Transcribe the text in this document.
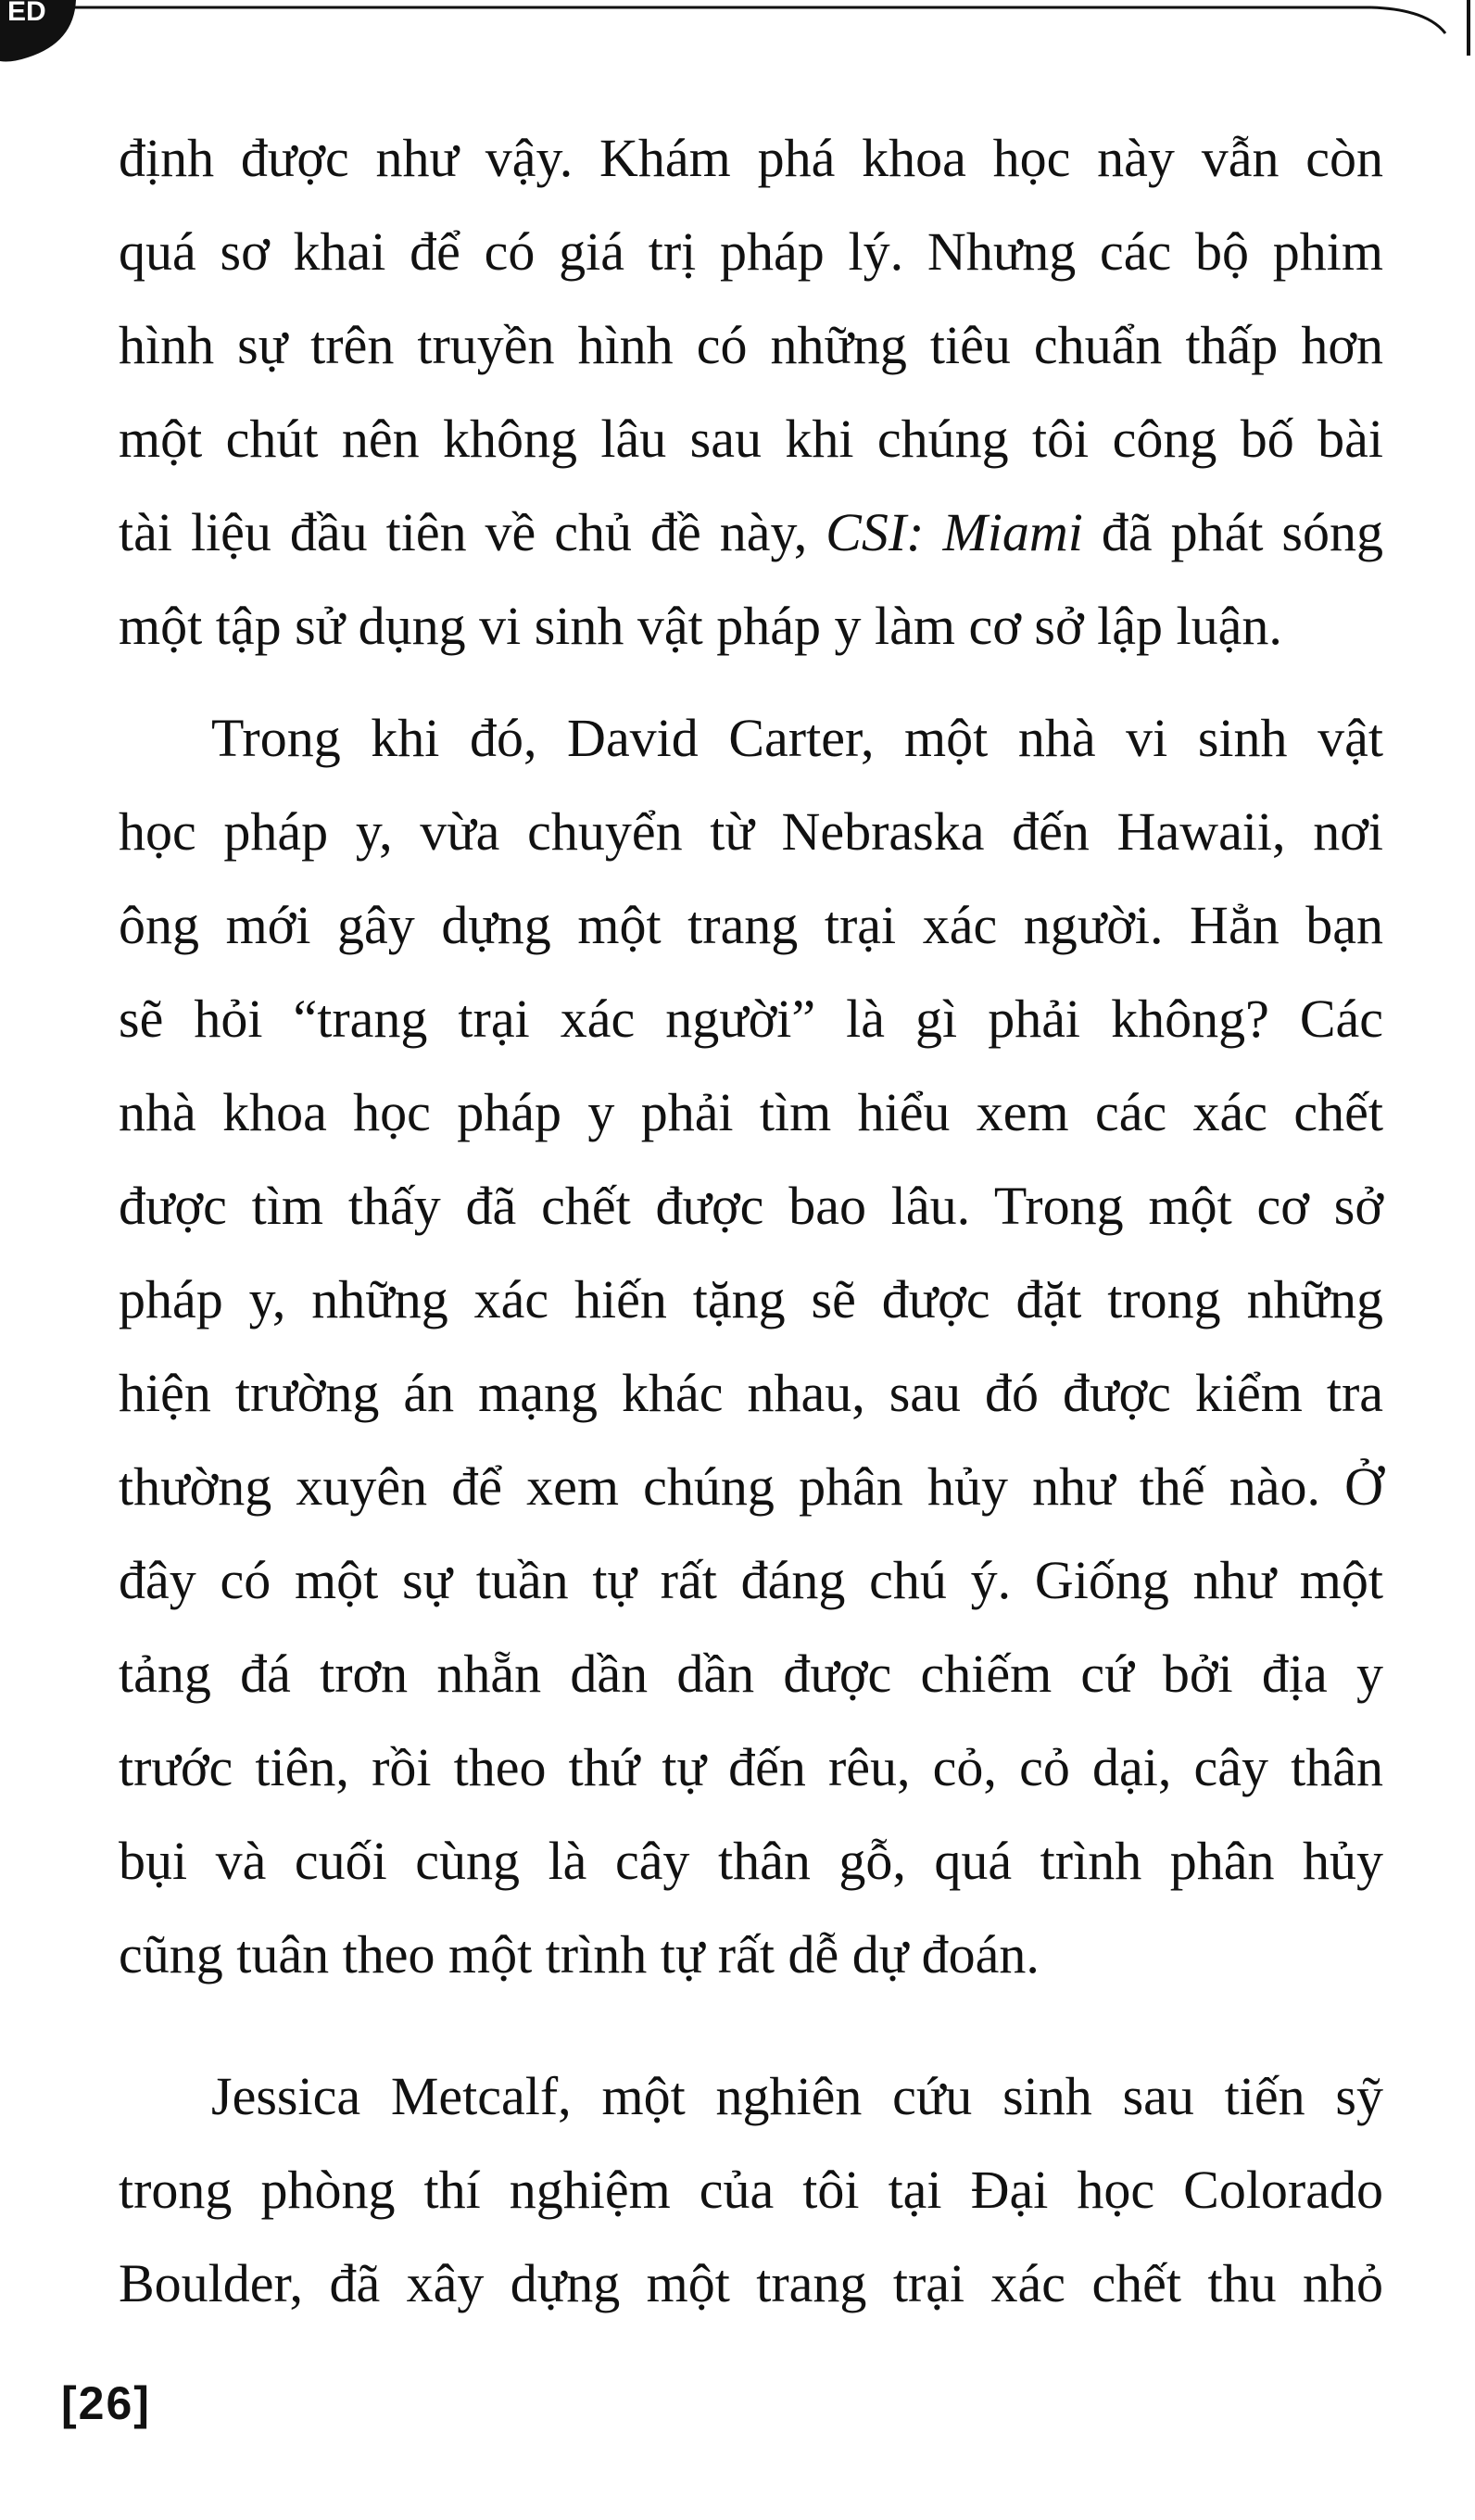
ED

định được như vậy. Khám phá khoa học này vẫn còn
quá sơ khai để có giá trị pháp lý. Nhưng các bộ phim
hình sự trên truyền hình có những tiêu chuẩn thấp hơn
một chút nên không lâu sau khi chúng tôi công bố bài
tài liệu đầu tiên về chủ đề này, CSI: Miami đã phát sóng
một tập sử dụng vi sinh vật pháp y làm cơ sở lập luận.

Trong khi đó, David Carter, một nhà vi sinh vật
học pháp y, vừa chuyển từ Nebraska đến Hawaii, nơi
ông mới gây dựng một trang trại xác người. Hẳn bạn
sẽ hỏi “trang trại xác người” là gì phải không? Các
nhà khoa học pháp y phải tìm hiểu xem các xác chết
được tìm thấy đã chết được bao lâu. Trong một cơ sở
pháp y, những xác hiến tặng sẽ được đặt trong những
hiện trường án mạng khác nhau, sau đó được kiểm tra
thường xuyên để xem chúng phân hủy như thế nào. Ở
đây có một sự tuần tự rất đáng chú ý. Giống như một
tảng đá trơn nhẵn dần dần được chiếm cứ bởi địa y
trước tiên, rồi theo thứ tự đến rêu, cỏ, cỏ dại, cây thân
bụi và cuối cùng là cây thân gỗ, quá trình phân hủy
cũng tuân theo một trình tự rất dễ dự đoán.

Jessica Metcalf, một nghiên cứu sinh sau tiến sỹ
trong phòng thí nghiệm của tôi tại Đại học Colorado
Boulder, đã xây dựng một trang trại xác chết thu nhỏ

[26]
